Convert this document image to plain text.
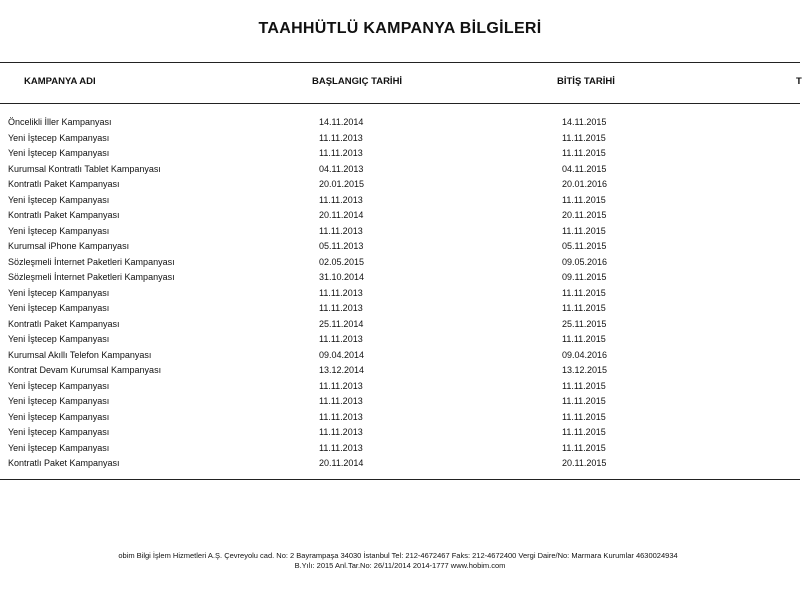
TAAHHÜTLÜ KAMPANYA BİLGİLERİ
KAMPANYA ADI	BAŞLANGIÇ TARİHİ	BİTİŞ TARİHİ	T
Öncelikli İller Kampanyası	14.11.2014	14.11.2015
Yeni İştecep Kampanyası	11.11.2013	11.11.2015
Yeni İştecep Kampanyası	11.11.2013	11.11.2015
Kurumsal Kontratlı Tablet Kampanyası	04.11.2013	04.11.2015
Kontratlı Paket Kampanyası	20.01.2015	20.01.2016
Yeni İştecep Kampanyası	11.11.2013	11.11.2015
Kontratlı Paket Kampanyası	20.11.2014	20.11.2015
Yeni İştecep Kampanyası	11.11.2013	11.11.2015
Kurumsal iPhone Kampanyası	05.11.2013	05.11.2015
Sözleşmeli İnternet Paketleri Kampanyası	02.05.2015	09.05.2016
Sözleşmeli İnternet Paketleri Kampanyası	31.10.2014	09.11.2015
Yeni İştecep Kampanyası	11.11.2013	11.11.2015
Yeni İştecep Kampanyası	11.11.2013	11.11.2015
Kontratlı Paket Kampanyası	25.11.2014	25.11.2015
Yeni İştecep Kampanyası	11.11.2013	11.11.2015
Kurumsal Akıllı Telefon Kampanyası	09.04.2014	09.04.2016
Kontrat Devam Kurumsal Kampanyası	13.12.2014	13.12.2015
Yeni İştecep Kampanyası	11.11.2013	11.11.2015
Yeni İştecep Kampanyası	11.11.2013	11.11.2015
Yeni İştecep Kampanyası	11.11.2013	11.11.2015
Yeni İştecep Kampanyası	11.11.2013	11.11.2015
Yeni İştecep Kampanyası	11.11.2013	11.11.2015
Kontratlı Paket Kampanyası	20.11.2014	20.11.2015
obim Bilgi İşlem Hizmetleri A.Ş. Çevreyolu cad. No: 2 Bayrampaşa 34030 İstanbul Tel: 212-4672467 Faks: 212-4672400 Vergi Daire/No: Marmara Kurumlar 4630024934
B.Yılı: 2015 Anl.Tar.No: 26/11/2014 2014-1777 www.hobim.com
